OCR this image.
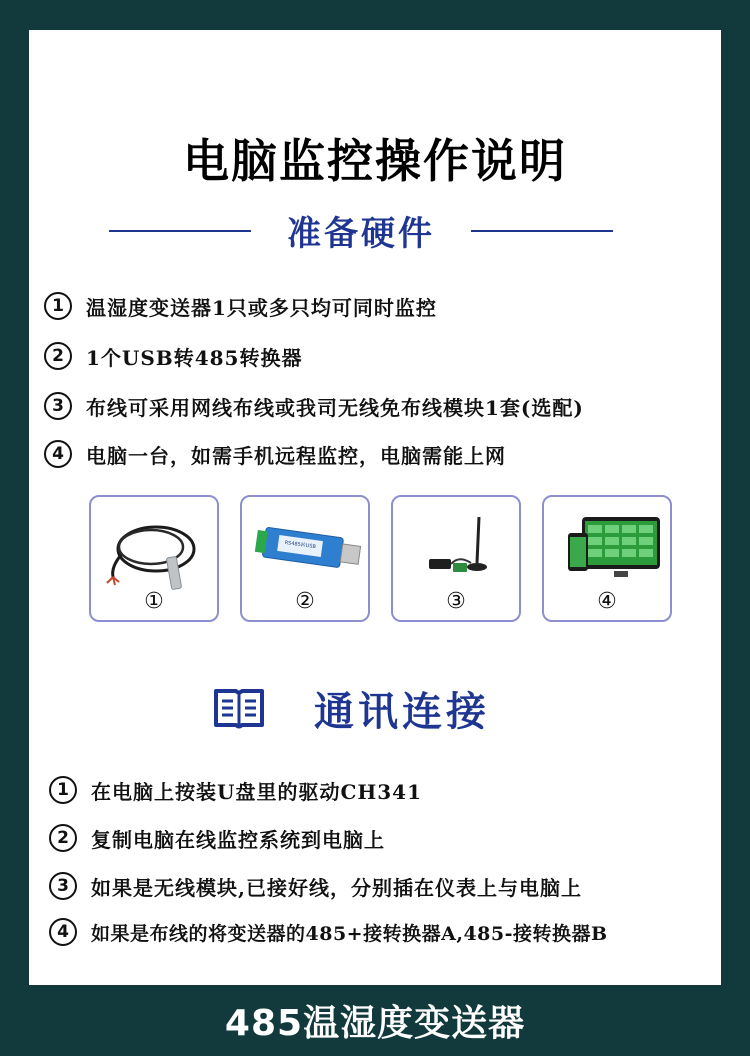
电脑监控操作说明
准备硬件
1	温湿度变送器1只或多只均可同时监控
2	1个USB转485转换器
3	布线可采用网线布线或我司无线免布线模块1套(选配)
4	电脑一台，如需手机远程监控，电脑需能上网
①
RS485转USB
②	③	④
通讯连接
1	在电脑上按装U盘里的驱动CH341
2	复制电脑在线监控系统到电脑上
3	如果是无线模块,已接好线，分别插在仪表上与电脑上
4	如果是布线的将变送器的485+接转换器A,485-接转换器B
485温湿度变送器
